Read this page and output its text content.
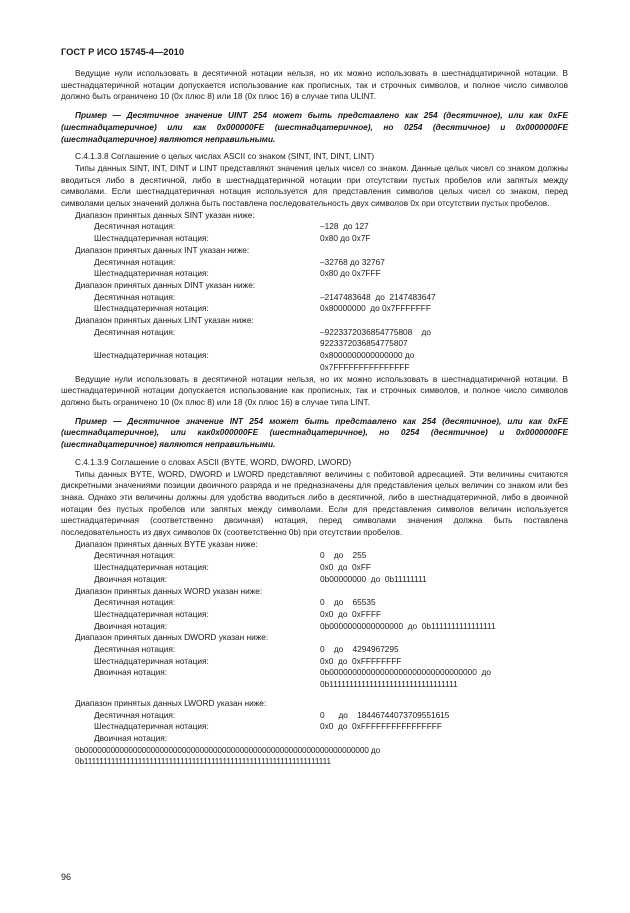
ГОСТ Р ИСО 15745-4—2010
Ведущие нули использовать в десятичной нотации нельзя, но их можно использовать в шестнадцатиричной нотации. В шестнадцатеричной нотации допускается использование как прописных, так и строчных символов, и полное число символов должно быть ограничено 10 (0х плюс 8) или 18 (0х плюс 16) в случае типа ULINT.
Пример — Десятичное значение UINT 254 может быть представлено как 254 (десятичное), или как 0xFE (шестнадцатеричное) или как 0x000000FE (шестнадцатеричное), но 0254 (десятичное) и 0x0000000FE (шестнадцатеричное) являются неправильными.
С.4.1.3.8 Соглашение о целых числах ASCII со знаком (SINT, INT, DINT, LINT)
Типы данных SINT, INT, DINT и LINT представляют значения целых чисел со знаком. Данные целых чисел со знаком должны вводиться либо в десятичной, либо в шестнадцатеричной нотации при отсутствии пустых пробелов или запятых между символами. Если шестнадцатеричная нотация используется для представления символов целых чисел со знаком, перед символами целых значений должна быть поставлена последовательность двух символов 0х при отсутствии пустых пробелов.
Диапазон принятых данных SINT указан ниже:
Десятичная нотация:	–128  до 127
Шестнадцатеричная нотация:	0x80 до 0x7F
Диапазон принятых данных INT указан ниже:
Десятичная нотация:	–32768 до 32767
Шестнадцатеричная нотация:	0x80 до 0x7FFF
Диапазон принятых данных DINT указан ниже:
Десятичная нотация:	–2147483648  до  2147483647
Шестнадцатеричная нотация:	0x80000000  до 0x7FFFFFFF
Диапазон принятых данных LINT указан ниже:
Десятичная нотация:	–9223372036854775808    до
9223372036854775807
Шестнадцатеричная нотация:	0x8000000000000000 до
0x7FFFFFFFFFFFFFFF
Ведущие нули использовать в десятичной нотации нельзя, но их можно использовать в шестнадцатиричной нотации. В шестнадцатеричной нотации допускается использование как прописных, так и строчных символов, и полное число символов должно быть ограничено 10 (0х плюс 8) или 18 (0х плюс 16) в случае типа LINT.
Пример — Десятичное значение INT 254 может быть представлено как 254 (десятичное), или как 0xFE (шестнадцатеричное), или как0x000000FE (шестнадцатеричное), но 0254 (десятичное) и 0x0000000FE (шестнадцатеричное) являются неправильными.
С.4.1.3.9 Соглашение о словах ASCII (BYTE, WORD, DWORD, LWORD)
Типы данных BYTE, WORD, DWORD и LWORD представляют величины с побитовой адресацией. Эти величины считаются дискретными значениями позиции двоичного разряда и не предназначены для представления целых величин со знаком или без знака. Однако эти величины должны для удобства вводиться либо в десятичной, либо в шестнадцатеричной, либо в двоичной нотации без пустых пробелов или запятых между символами. Если для представления символов величин используется шестнадцатеричная (соответственно двоичная) нотация, перед символами значения должна быть поставлена последовательность из двух символов 0х (соответственно 0b) при отсутствии пробелов.
Диапазон принятых данных BYTE указан ниже:
Десятичная нотация:	0    до    255
Шестнадцатеричная нотация:	0x0  до  0xFF
Двоичная нотация:	0b00000000  до  0b11111111
Диапазон принятых данных WORD указан ниже:
Десятичная нотация:	0    до    65535
Шестнадцатеричная нотация:	0x0  до  0xFFFF
Двоичная нотация:	0b0000000000000000  до  0b1111111111111111
Диапазон принятых данных DWORD указан ниже:
Десятичная нотация:	0    до    4294967295
Шестнадцатеричная нотация:	0x0  до  0xFFFFFFFF
Двоичная нотация:	0b00000000000000000000000000000000  до
0b11111111111111111111111111111111
Диапазон принятых данных LWORD указан ниже:
Десятичная нотация:	0      до    18446744073709551615
Шестнадцатеричная нотация:	0x0  до  0xFFFFFFFFFFFFFFFF
Двоичная нотация:
0b0000000000000000000000000000000000000000000000000000000000000000 до
0b1111111111111111111111111111111111111111111111111111111111111111
96
